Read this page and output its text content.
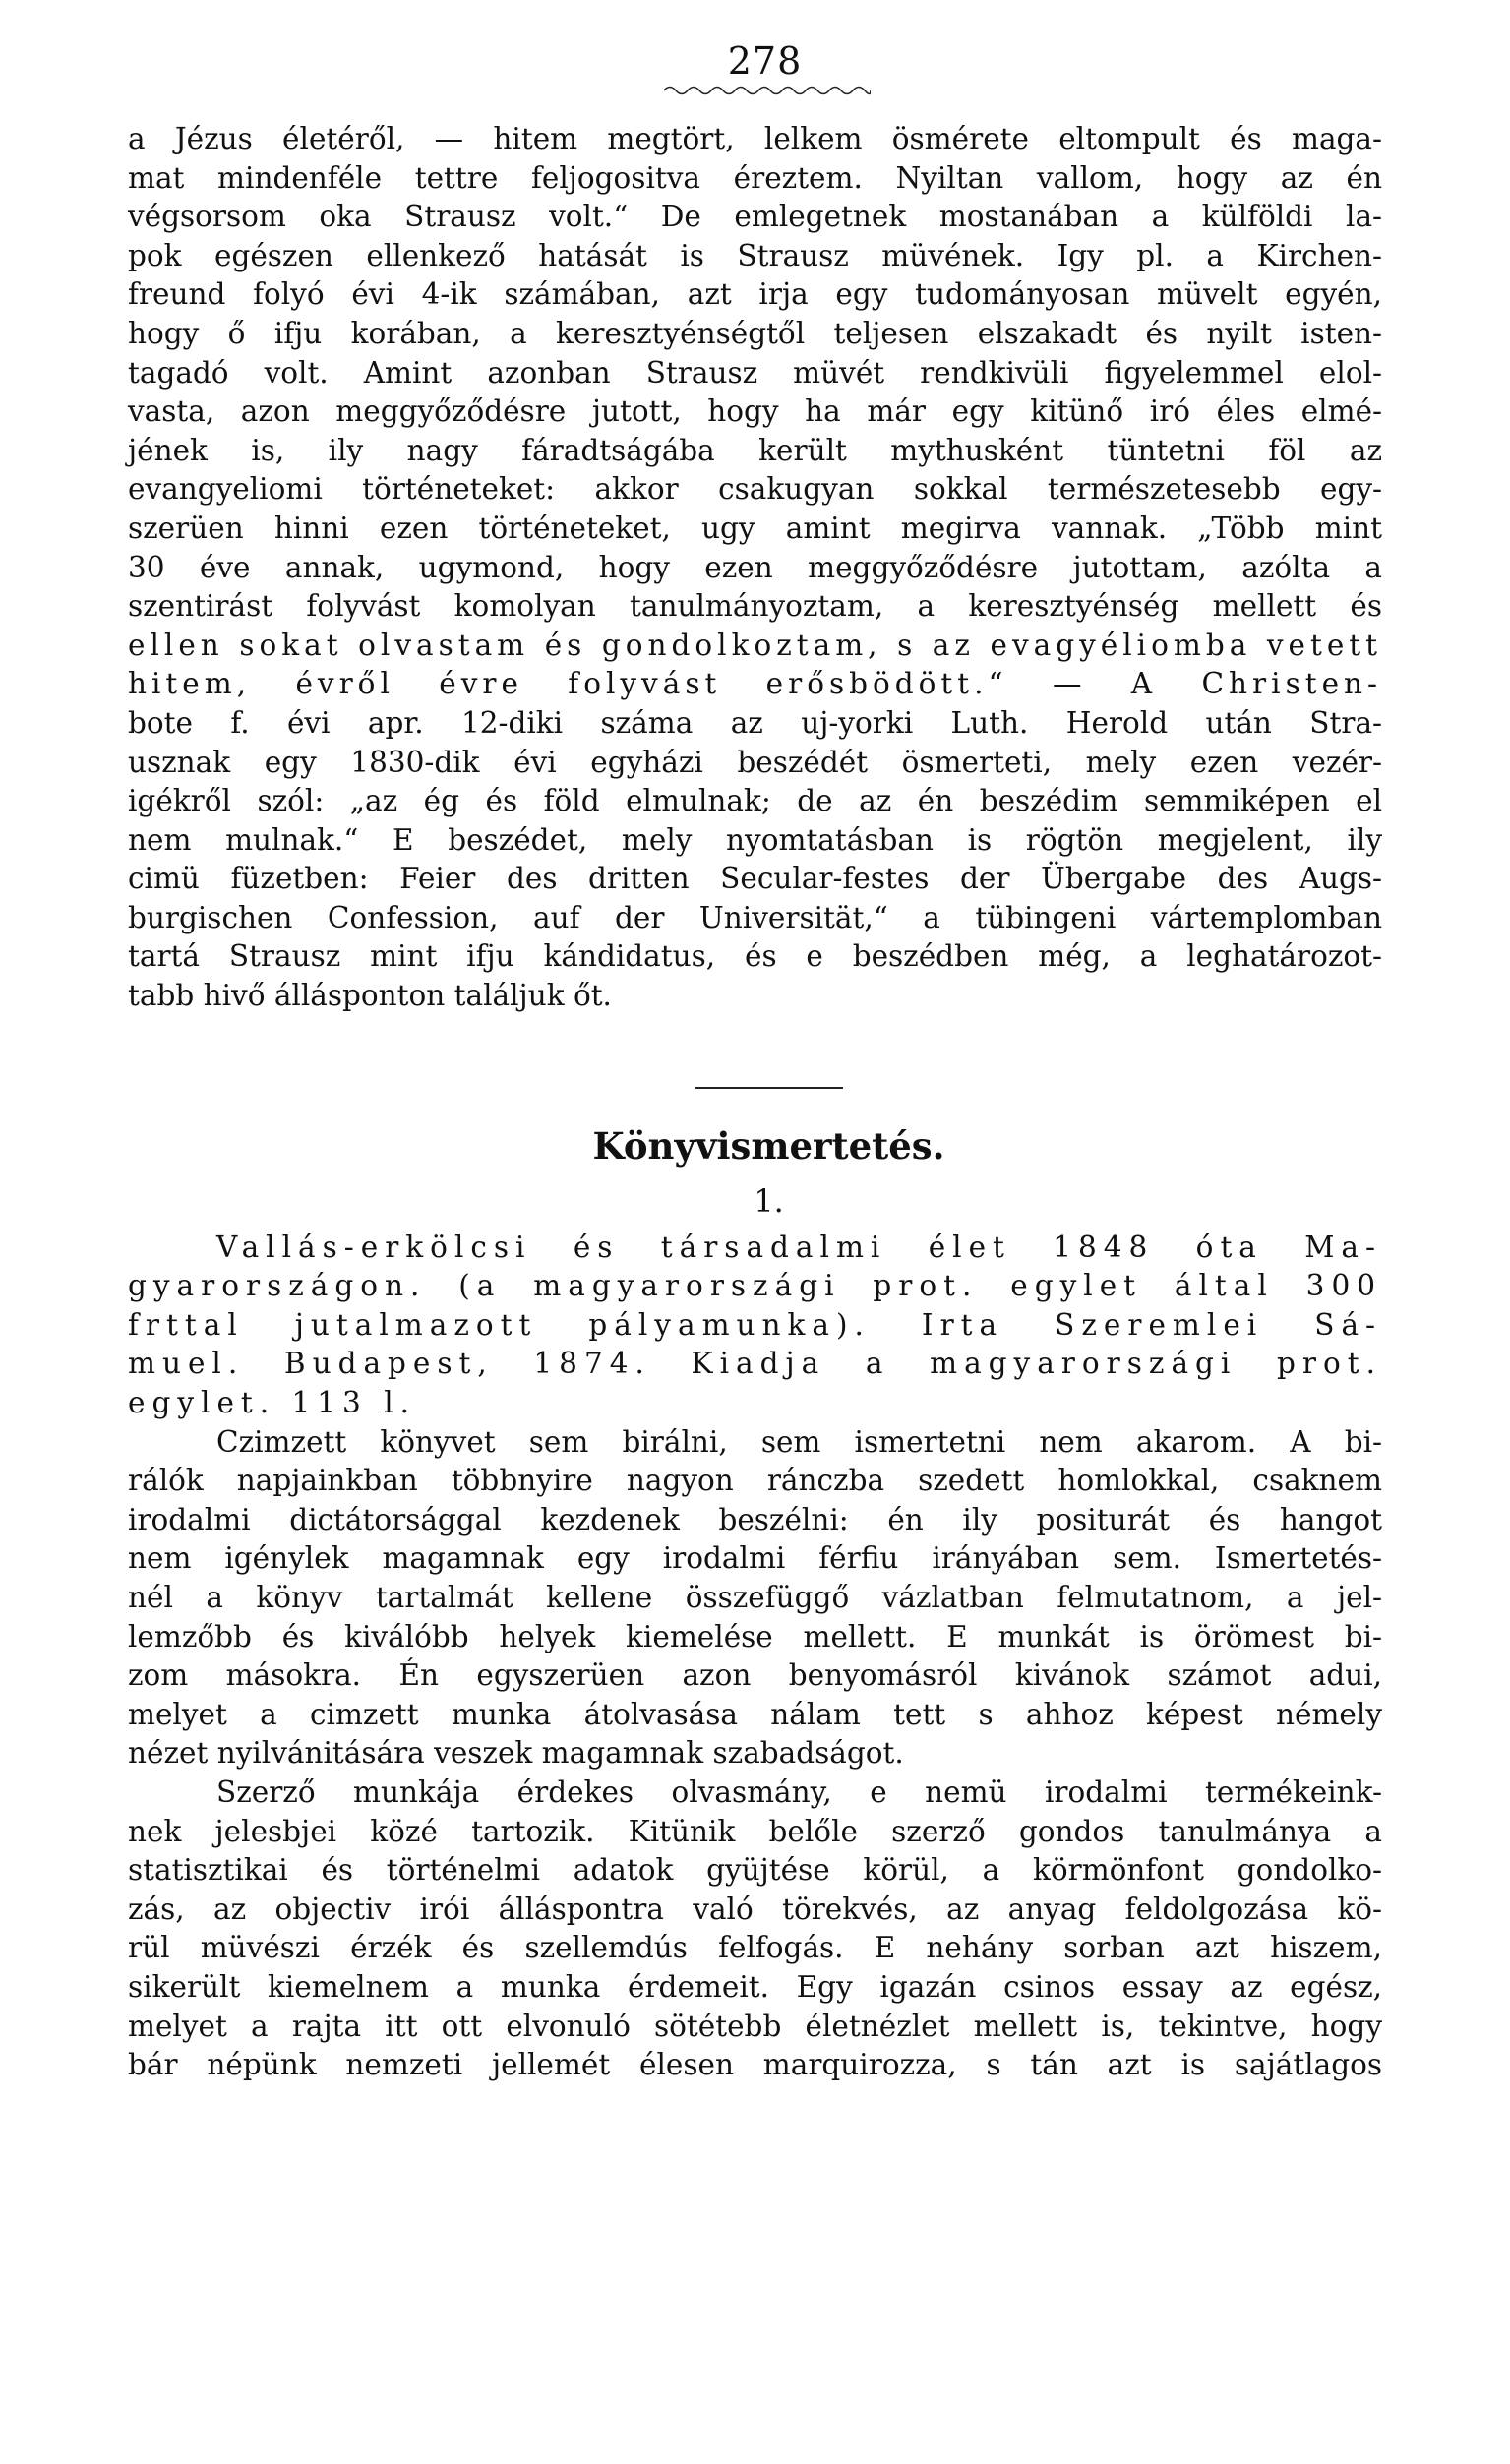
278
a Jézus életéről, — hitem megtört, lelkem ösmérete eltompult és maga-
mat mindenféle tettre feljogositva éreztem. Nyiltan vallom, hogy az én
végsorsom oka Strausz volt.“ De emlegetnek mostanában a külföldi la-
pok egészen ellenkező hatását is Strausz müvének. Igy pl. a Kirchen-
freund folyó évi 4-ik számában, azt irja egy tudományosan müvelt egyén,
hogy ő ifju korában, a keresztyénségtől teljesen elszakadt és nyilt isten-
tagadó volt. Amint azonban Strausz müvét rendkivüli figyelemmel elol-
vasta, azon meggyőződésre jutott, hogy ha már egy kitünő iró éles elmé-
jének is, ily nagy fáradtságába került mythusként tüntetni föl az
evangyeliomi történeteket: akkor csakugyan sokkal természetesebb egy-
szerüen hinni ezen történeteket, ugy amint megirva vannak. „Több mint
30 éve annak, ugymond, hogy ezen meggyőződésre jutottam, azólta a
szentirást folyvást komolyan tanulmányoztam, a keresztyénség mellett és
ellen sokat olvastam és gondolkoztam, s az evagyéliomba vetett
hitem, évről évre folyvást erősbödött.“ — A Christen-
bote f. évi apr. 12-diki száma az uj-yorki Luth. Herold után Stra-
usznak egy 1830-dik évi egyházi beszédét ösmerteti, mely ezen vezér-
igékről szól: „az ég és föld elmulnak; de az én beszédim semmiképen el
nem mulnak.“ E beszédet, mely nyomtatásban is rögtön megjelent, ily
cimü füzetben: Feier des dritten Secular-festes der Übergabe des Augs-
burgischen Confession, auf der Universität,“ a tübingeni vártemplomban
tartá Strausz mint ifju kándidatus, és e beszédben még, a leghatározot-
tabb hivő állásponton találjuk őt.
Könyvismertetés.
1.
Vallás-erkölcsi és társadalmi élet 1848 óta Ma-
gyarországon. (a magyarországi prot. egylet által 300
frttal jutalmazott pályamunka). Irta Szeremlei Sá-
muel. Budapest, 1874. Kiadja a magyarországi prot.
egylet. 113 l.
Czimzett könyvet sem birálni, sem ismertetni nem akarom. A bi-
rálók napjainkban többnyire nagyon ránczba szedett homlokkal, csaknem
irodalmi dictátorsággal kezdenek beszélni: én ily positurát és hangot
nem igénylek magamnak egy irodalmi férfiu irányában sem. Ismertetés-
nél a könyv tartalmát kellene összefüggő vázlatban felmutatnom, a jel-
lemzőbb és kiválóbb helyek kiemelése mellett. E munkát is örömest bi-
zom másokra. Én egyszerüen azon benyomásról kivánok számot adui,
melyet a cimzett munka átolvasása nálam tett s ahhoz képest némely
nézet nyilvánitására veszek magamnak szabadságot.
Szerző munkája érdekes olvasmány, e nemü irodalmi termékeink-
nek jelesbjei közé tartozik. Kitünik belőle szerző gondos tanulmánya a
statisztikai és történelmi adatok gyüjtése körül, a körmönfont gondolko-
zás, az objectiv irói álláspontra való törekvés, az anyag feldolgozása kö-
rül müvészi érzék és szellemdús felfogás. E nehány sorban azt hiszem,
sikerült kiemelnem a munka érdemeit. Egy igazán csinos essay az egész,
melyet a rajta itt ott elvonuló sötétebb életnézlet mellett is, tekintve, hogy
bár népünk nemzeti jellemét élesen marquirozza, s tán azt is sajátlagos
